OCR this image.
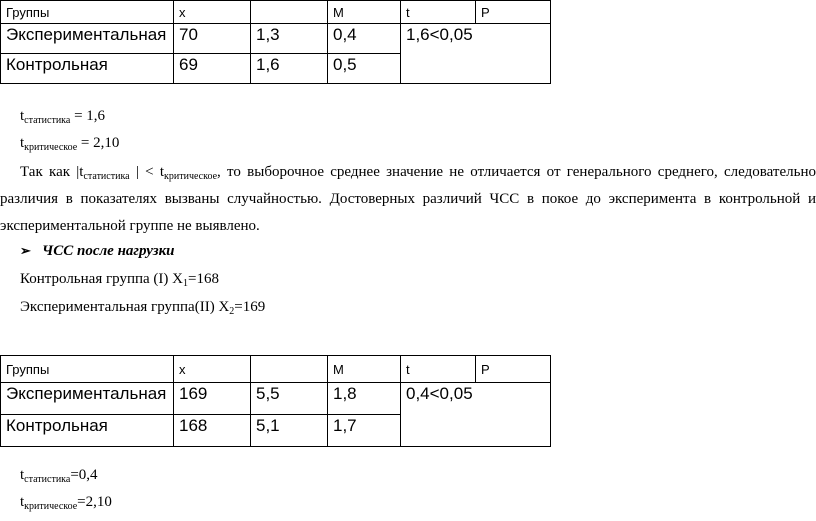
Группы	x		М	t	Р
Экспериментальная	70	1,3	0,4	1,6<0,05	
Контрольная	69	1,6	0,5		
$t_{статистика} = 1,6$
$t_{критическое} = 2,10$
Так как $|t_{статистика}$ | < $t_{критическое}$, то выборочное среднее значение не отличается от генерального среднего, следовательно
различия в показателях вызваны случайностью. Достоверных различий ЧСС в покое до эксперимента в контрольной и
экспериментальной группе не выявлено.
➢ ЧСС после нагрузки
Контрольная группа (I) $X_1=168$
Экспериментальная группа(II) $X_2=169$
Группы	x		М	t	Р
Экспериментальная	169	5,5	1,8	0,4<0,05	
Контрольная	168	5,1	1,7		
$t_{статистика}=0,4$
$t_{критическое}=2,10$
